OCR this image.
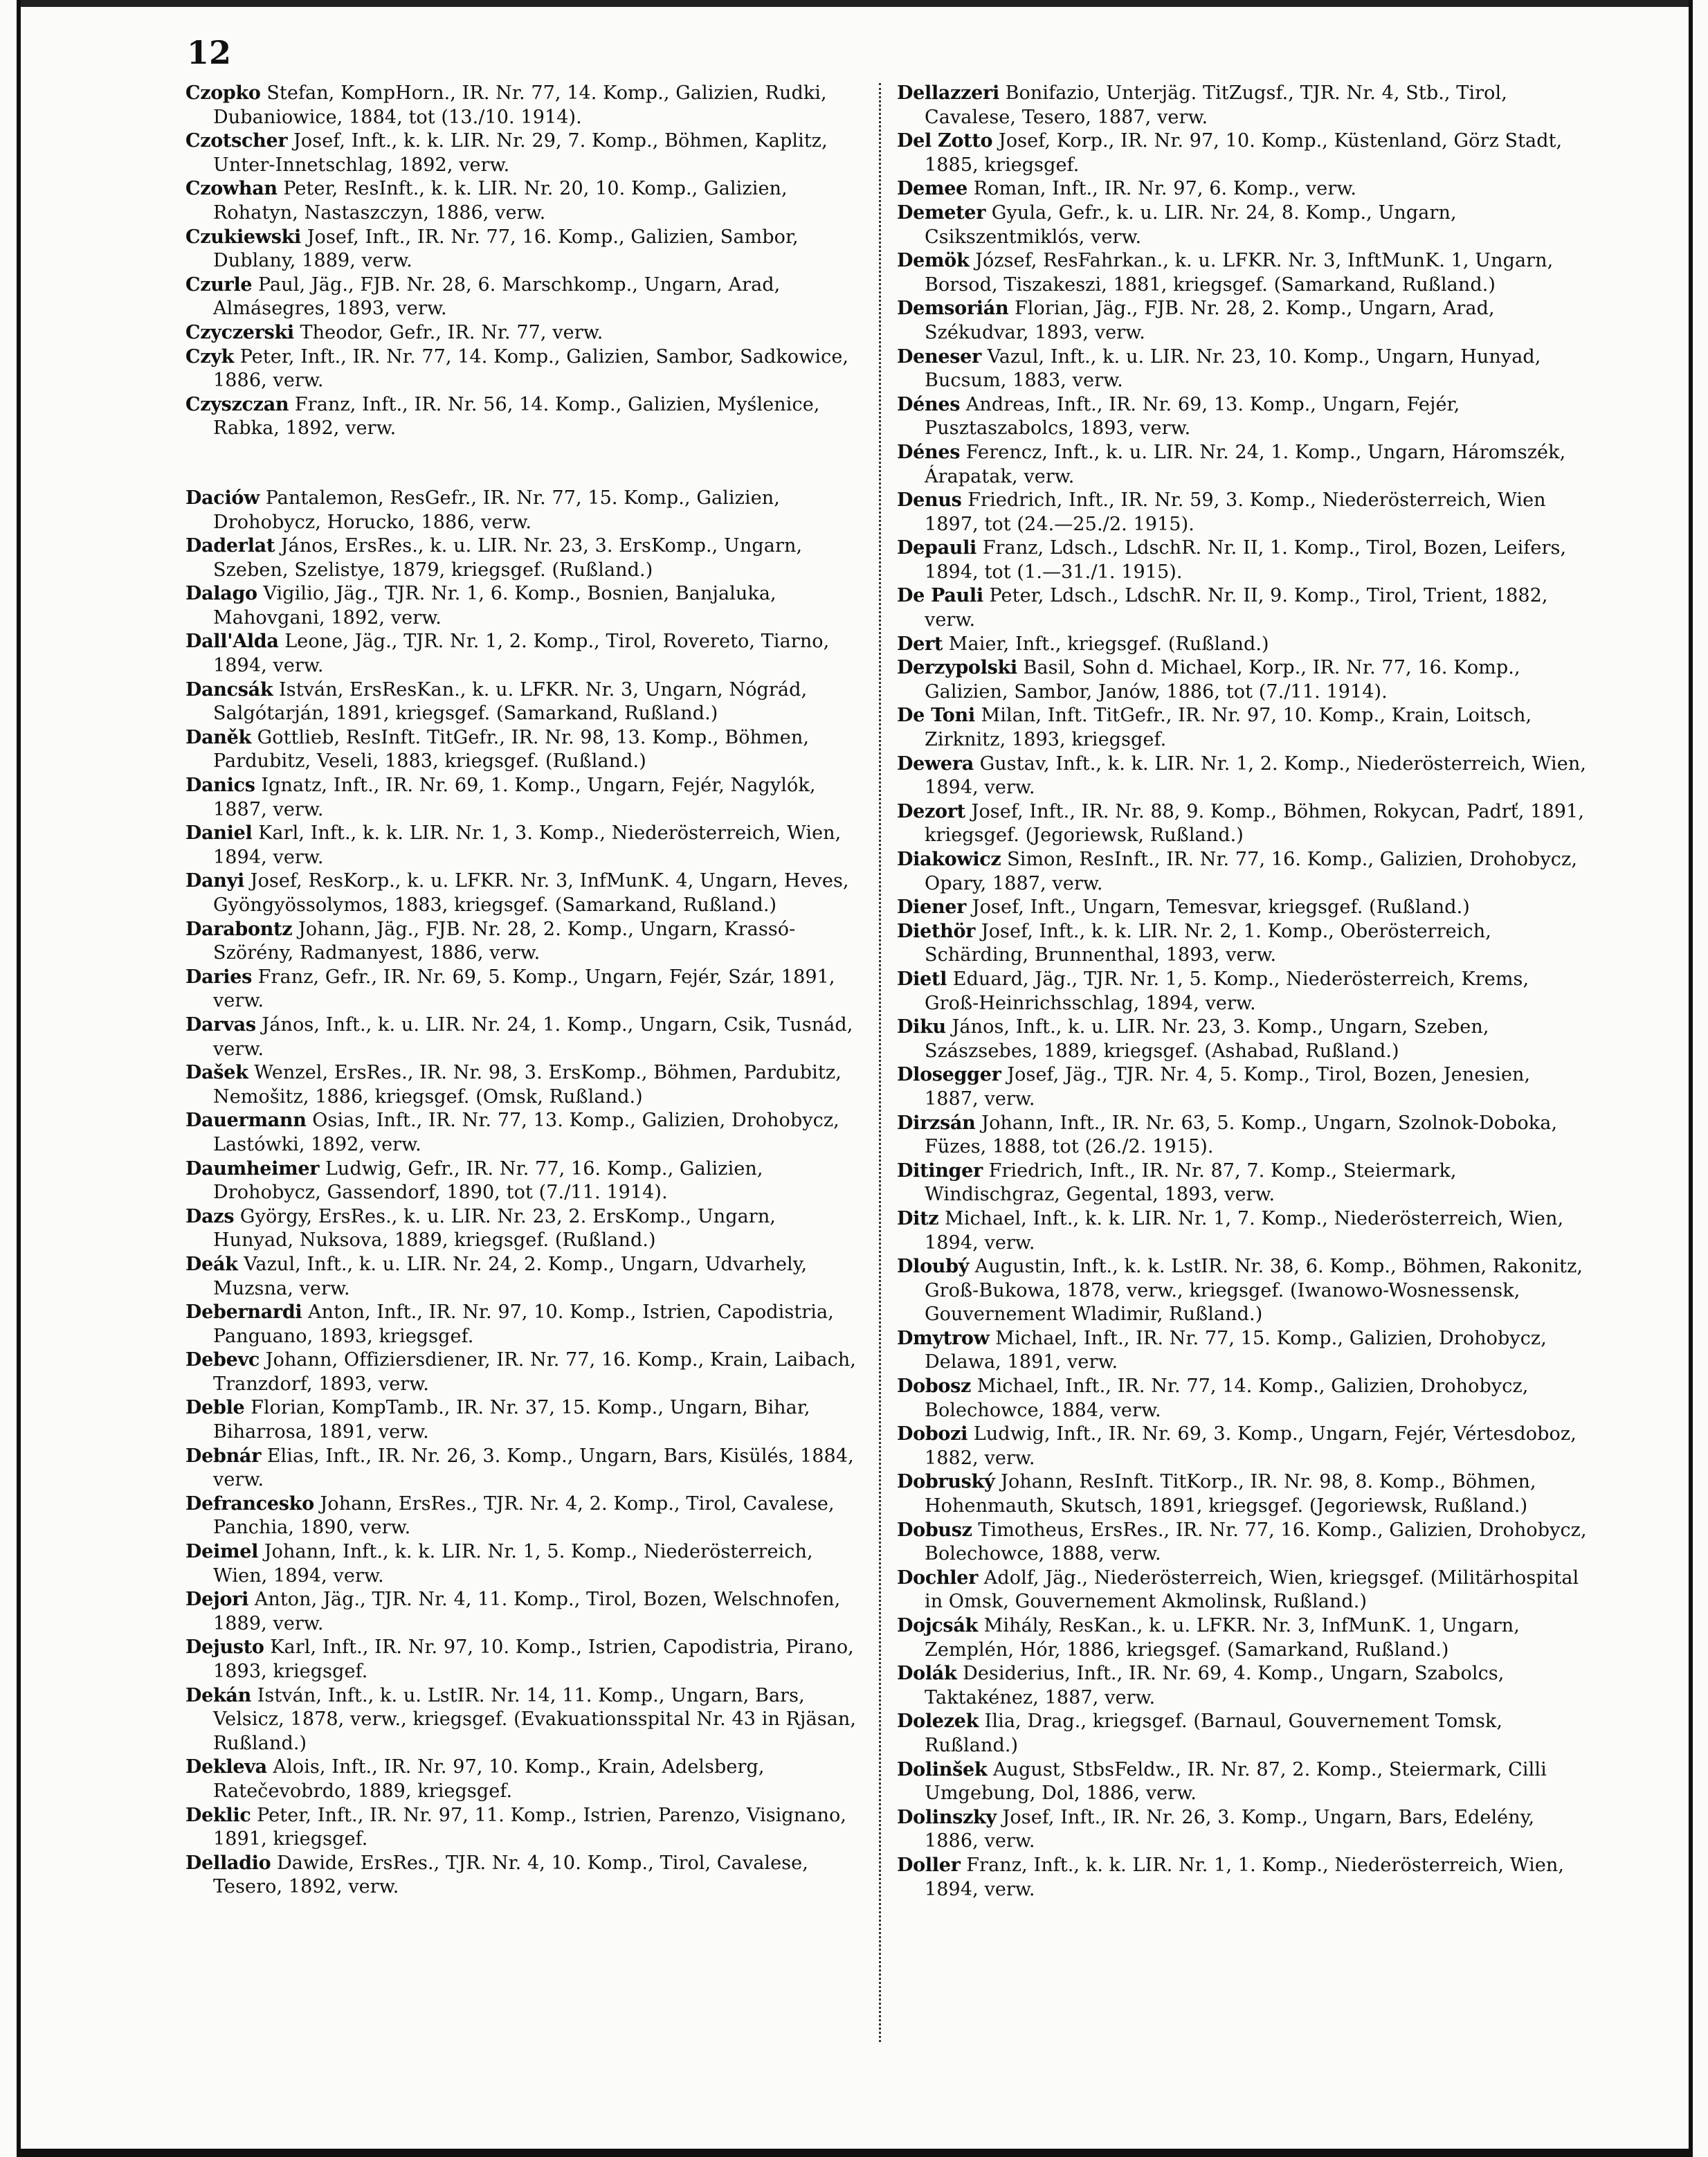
12

Czopko Stefan, KompHorn., IR. Nr. 77, 14. Komp., Galizien, Rudki, Dubaniowice, 1884, tot (13./10. 1914).

Czotscher Josef, Inft., k. k. LIR. Nr. 29, 7. Komp., Böhmen, Kaplitz, Unter-Innetschlag, 1892, verw.

Czowhan Peter, ResInft., k. k. LIR. Nr. 20, 10. Komp., Galizien, Rohatyn, Nastaszczyn, 1886, verw.

Czukiewski Josef, Inft., IR. Nr. 77, 16. Komp., Galizien, Sambor, Dublany, 1889, verw.

Czurle Paul, Jäg., FJB. Nr. 28, 6. Marschkomp., Ungarn, Arad, Almásegres, 1893, verw.

Czyczerski Theodor, Gefr., IR. Nr. 77, verw.

Czyk Peter, Inft., IR. Nr. 77, 14. Komp., Galizien, Sambor, Sadkowice, 1886, verw.

Czyszczan Franz, Inft., IR. Nr. 56, 14. Komp., Galizien, Myślenice, Rabka, 1892, verw.

Daciów Pantalemon, ResGefr., IR. Nr. 77, 15. Komp., Galizien, Drohobycz, Horucko, 1886, verw.

Daderlat János, ErsRes., k. u. LIR. Nr. 23, 3. ErsKomp., Ungarn, Szeben, Szelistye, 1879, kriegsgef. (Rußland.)

Dalago Vigilio, Jäg., TJR. Nr. 1, 6. Komp., Bosnien, Banjaluka, Mahovgani, 1892, verw.

Dall'Alda Leone, Jäg., TJR. Nr. 1, 2. Komp., Tirol, Rovereto, Tiarno, 1894, verw.

Dancsák István, ErsResKan., k. u. LFKR. Nr. 3, Ungarn, Nógrád, Salgótarján, 1891, kriegsgef. (Samarkand, Rußland.)

Daněk Gottlieb, ResInft. TitGefr., IR. Nr. 98, 13. Komp., Böhmen, Pardubitz, Veseli, 1883, kriegsgef. (Rußland.)

Danics Ignatz, Inft., IR. Nr. 69, 1. Komp., Ungarn, Fejér, Nagylók, 1887, verw.

Daniel Karl, Inft., k. k. LIR. Nr. 1, 3. Komp., Niederösterreich, Wien, 1894, verw.

Danyi Josef, ResKorp., k. u. LFKR. Nr. 3, InfMunK. 4, Ungarn, Heves, Gyöngyössolymos, 1883, kriegsgef. (Samarkand, Rußland.)

Darabontz Johann, Jäg., FJB. Nr. 28, 2. Komp., Ungarn, Krassó-Szörény, Radmanyest, 1886, verw.

Daries Franz, Gefr., IR. Nr. 69, 5. Komp., Ungarn, Fejér, Szár, 1891, verw.

Darvas János, Inft., k. u. LIR. Nr. 24, 1. Komp., Ungarn, Csik, Tusnád, verw.

Dašek Wenzel, ErsRes., IR. Nr. 98, 3. ErsKomp., Böhmen, Pardubitz, Nemošitz, 1886, kriegsgef. (Omsk, Rußland.)

Dauermann Osias, Inft., IR. Nr. 77, 13. Komp., Galizien, Drohobycz, Lastówki, 1892, verw.

Daumheimer Ludwig, Gefr., IR. Nr. 77, 16. Komp., Galizien, Drohobycz, Gassendorf, 1890, tot (7./11. 1914).

Dazs György, ErsRes., k. u. LIR. Nr. 23, 2. ErsKomp., Ungarn, Hunyad, Nuksova, 1889, kriegsgef. (Rußland.)

Deák Vazul, Inft., k. u. LIR. Nr. 24, 2. Komp., Ungarn, Udvarhely, Muzsna, verw.

Debernardi Anton, Inft., IR. Nr. 97, 10. Komp., Istrien, Capodistria, Panguano, 1893, kriegsgef.

Debevc Johann, Offiziersdiener, IR. Nr. 77, 16. Komp., Krain, Laibach, Tranzdorf, 1893, verw.

Deble Florian, KompTamb., IR. Nr. 37, 15. Komp., Ungarn, Bihar, Biharrosa, 1891, verw.

Debnár Elias, Inft., IR. Nr. 26, 3. Komp., Ungarn, Bars, Kisülés, 1884, verw.

Defrancesko Johann, ErsRes., TJR. Nr. 4, 2. Komp., Tirol, Cavalese, Panchia, 1890, verw.

Deimel Johann, Inft., k. k. LIR. Nr. 1, 5. Komp., Niederösterreich, Wien, 1894, verw.

Dejori Anton, Jäg., TJR. Nr. 4, 11. Komp., Tirol, Bozen, Welschnofen, 1889, verw.

Dejusto Karl, Inft., IR. Nr. 97, 10. Komp., Istrien, Capodistria, Pirano, 1893, kriegsgef.

Dekán István, Inft., k. u. LstIR. Nr. 14, 11. Komp., Ungarn, Bars, Velsicz, 1878, verw., kriegsgef. (Evakuationsspital Nr. 43 in Rjäsan, Rußland.)

Dekleva Alois, Inft., IR. Nr. 97, 10. Komp., Krain, Adelsberg, Ratečevobrdo, 1889, kriegsgef.

Deklic Peter, Inft., IR. Nr. 97, 11. Komp., Istrien, Parenzo, Visignano, 1891, kriegsgef.

Delladio Dawide, ErsRes., TJR. Nr. 4, 10. Komp., Tirol, Cavalese, Tesero, 1892, verw.

Dellazzeri Bonifazio, Unterjäg. TitZugsf., TJR. Nr. 4, Stb., Tirol, Cavalese, Tesero, 1887, verw.

Del Zotto Josef, Korp., IR. Nr. 97, 10. Komp., Küstenland, Görz Stadt, 1885, kriegsgef.

Demee Roman, Inft., IR. Nr. 97, 6. Komp., verw.

Demeter Gyula, Gefr., k. u. LIR. Nr. 24, 8. Komp., Ungarn, Csikszentmiklós, verw.

Demök József, ResFahrkan., k. u. LFKR. Nr. 3, InftMunK. 1, Ungarn, Borsod, Tiszakeszi, 1881, kriegsgef. (Samarkand, Rußland.)

Demsorián Florian, Jäg., FJB. Nr. 28, 2. Komp., Ungarn, Arad, Székudvar, 1893, verw.

Deneser Vazul, Inft., k. u. LIR. Nr. 23, 10. Komp., Ungarn, Hunyad, Bucsum, 1883, verw.

Dénes Andreas, Inft., IR. Nr. 69, 13. Komp., Ungarn, Fejér, Pusztaszabolcs, 1893, verw.

Dénes Ferencz, Inft., k. u. LIR. Nr. 24, 1. Komp., Ungarn, Háromszék, Árapatak, verw.

Denus Friedrich, Inft., IR. Nr. 59, 3. Komp., Niederösterreich, Wien 1897, tot (24.—25./2. 1915).

Depauli Franz, Ldsch., LdschR. Nr. II, 1. Komp., Tirol, Bozen, Leifers, 1894, tot (1.—31./1. 1915).

De Pauli Peter, Ldsch., LdschR. Nr. II, 9. Komp., Tirol, Trient, 1882, verw.

Dert Maier, Inft., kriegsgef. (Rußland.)

Derzypolski Basil, Sohn d. Michael, Korp., IR. Nr. 77, 16. Komp., Galizien, Sambor, Janów, 1886, tot (7./11. 1914).

De Toni Milan, Inft. TitGefr., IR. Nr. 97, 10. Komp., Krain, Loitsch, Zirknitz, 1893, kriegsgef.

Dewera Gustav, Inft., k. k. LIR. Nr. 1, 2. Komp., Niederösterreich, Wien, 1894, verw.

Dezort Josef, Inft., IR. Nr. 88, 9. Komp., Böhmen, Rokycan, Padrť, 1891, kriegsgef. (Jegoriewsk, Rußland.)

Diakowicz Simon, ResInft., IR. Nr. 77, 16. Komp., Galizien, Drohobycz, Opary, 1887, verw.

Diener Josef, Inft., Ungarn, Temesvar, kriegsgef. (Rußland.)

Diethör Josef, Inft., k. k. LIR. Nr. 2, 1. Komp., Oberösterreich, Schärding, Brunnenthal, 1893, verw.

Dietl Eduard, Jäg., TJR. Nr. 1, 5. Komp., Niederösterreich, Krems, Groß-Heinrichsschlag, 1894, verw.

Diku János, Inft., k. u. LIR. Nr. 23, 3. Komp., Ungarn, Szeben, Szászsebes, 1889, kriegsgef. (Ashabad, Rußland.)

Dlosegger Josef, Jäg., TJR. Nr. 4, 5. Komp., Tirol, Bozen, Jenesien, 1887, verw.

Dirzsán Johann, Inft., IR. Nr. 63, 5. Komp., Ungarn, Szolnok-Doboka, Füzes, 1888, tot (26./2. 1915).

Ditinger Friedrich, Inft., IR. Nr. 87, 7. Komp., Steiermark, Windischgraz, Gegental, 1893, verw.

Ditz Michael, Inft., k. k. LIR. Nr. 1, 7. Komp., Niederösterreich, Wien, 1894, verw.

Dloubý Augustin, Inft., k. k. LstIR. Nr. 38, 6. Komp., Böhmen, Rakonitz, Groß-Bukowa, 1878, verw., kriegsgef. (Iwanowo-Wosnessensk, Gouvernement Wladimir, Rußland.)

Dmytrow Michael, Inft., IR. Nr. 77, 15. Komp., Galizien, Drohobycz, Delawa, 1891, verw.

Dobosz Michael, Inft., IR. Nr. 77, 14. Komp., Galizien, Drohobycz, Bolechowce, 1884, verw.

Dobozi Ludwig, Inft., IR. Nr. 69, 3. Komp., Ungarn, Fejér, Vértesdoboz, 1882, verw.

Dobruský Johann, ResInft. TitKorp., IR. Nr. 98, 8. Komp., Böhmen, Hohenmauth, Skutsch, 1891, kriegsgef. (Jegoriewsk, Rußland.)

Dobusz Timotheus, ErsRes., IR. Nr. 77, 16. Komp., Galizien, Drohobycz, Bolechowce, 1888, verw.

Dochler Adolf, Jäg., Niederösterreich, Wien, kriegsgef. (Militärhospital in Omsk, Gouvernement Akmolinsk, Rußland.)

Dojcsák Mihály, ResKan., k. u. LFKR. Nr. 3, InfMunK. 1, Ungarn, Zemplén, Hór, 1886, kriegsgef. (Samarkand, Rußland.)

Dolák Desiderius, Inft., IR. Nr. 69, 4. Komp., Ungarn, Szabolcs, Taktakénez, 1887, verw.

Dolezek Ilia, Drag., kriegsgef. (Barnaul, Gouvernement Tomsk, Rußland.)

Dolinšek August, StbsFeldw., IR. Nr. 87, 2. Komp., Steiermark, Cilli Umgebung, Dol, 1886, verw.

Dolinszky Josef, Inft., IR. Nr. 26, 3. Komp., Ungarn, Bars, Edelény, 1886, verw.

Doller Franz, Inft., k. k. LIR. Nr. 1, 1. Komp., Niederösterreich, Wien, 1894, verw.
